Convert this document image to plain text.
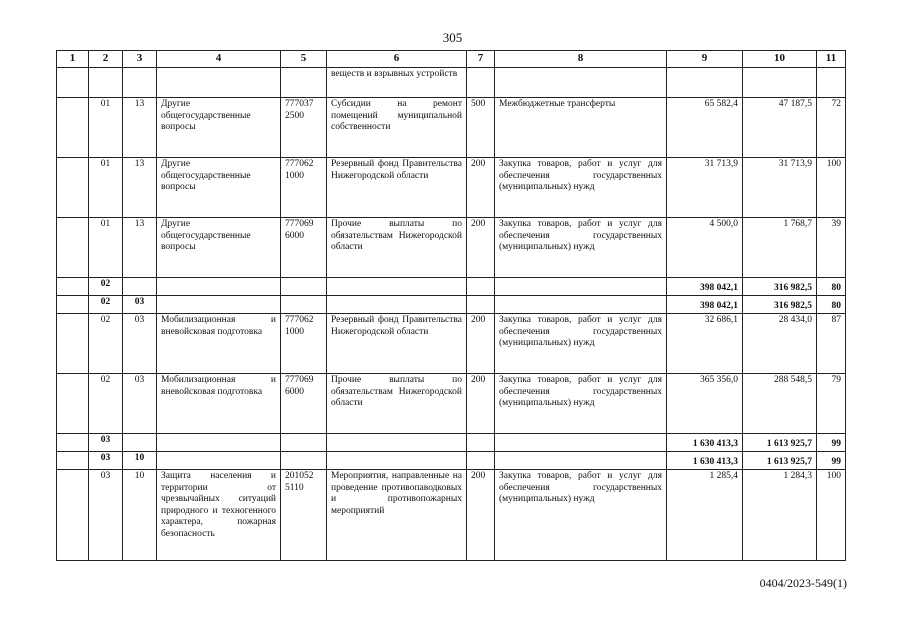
305
1	2	3	4	5	6	7	8	9	10	11
					веществ и взрывных устройств					
	01	13	Другие общегосударственные вопросы	777037 2500	Субсидии на ремонт помещений муниципальной собственности	500	Межбюджетные трансферты	65 582,4	47 187,5	72
	01	13	Другие общегосударственные вопросы	777062 1000	Резервный фонд Правительства Нижегородской области	200	Закупка товаров, работ и услуг для обеспечения государственных (муниципальных) нужд	31 713,9	31 713,9	100
	01	13	Другие общегосударственные вопросы	777069 6000	Прочие выплаты по обязательствам Нижегородской области	200	Закупка товаров, работ и услуг для обеспечения государственных (муниципальных) нужд	4 500,0	1 768,7	39
	02							398 042,1	316 982,5	80
	02	03						398 042,1	316 982,5	80
	02	03	Мобилизационная и вневойсковая подготовка	777062 1000	Резервный фонд Правительства Нижегородской области	200	Закупка товаров, работ и услуг для обеспечения государственных (муниципальных) нужд	32 686,1	28 434,0	87
	02	03	Мобилизационная и вневойсковая подготовка	777069 6000	Прочие выплаты по обязательствам Нижегородской области	200	Закупка товаров, работ и услуг для обеспечения государственных (муниципальных) нужд	365 356,0	288 548,5	79
	03							1 630 413,3	1 613 925,7	99
	03	10						1 630 413,3	1 613 925,7	99
	03	10	Защита населения и территории от чрезвычайных ситуаций природного и техногенного характера, пожарная безопасность	201052 5110	Мероприятия, направленные на проведение противопаводковых и противопожарных мероприятий	200	Закупка товаров, работ и услуг для обеспечения государственных (муниципальных) нужд	1 285,4	1 284,3	100
0404/2023-549(1)
